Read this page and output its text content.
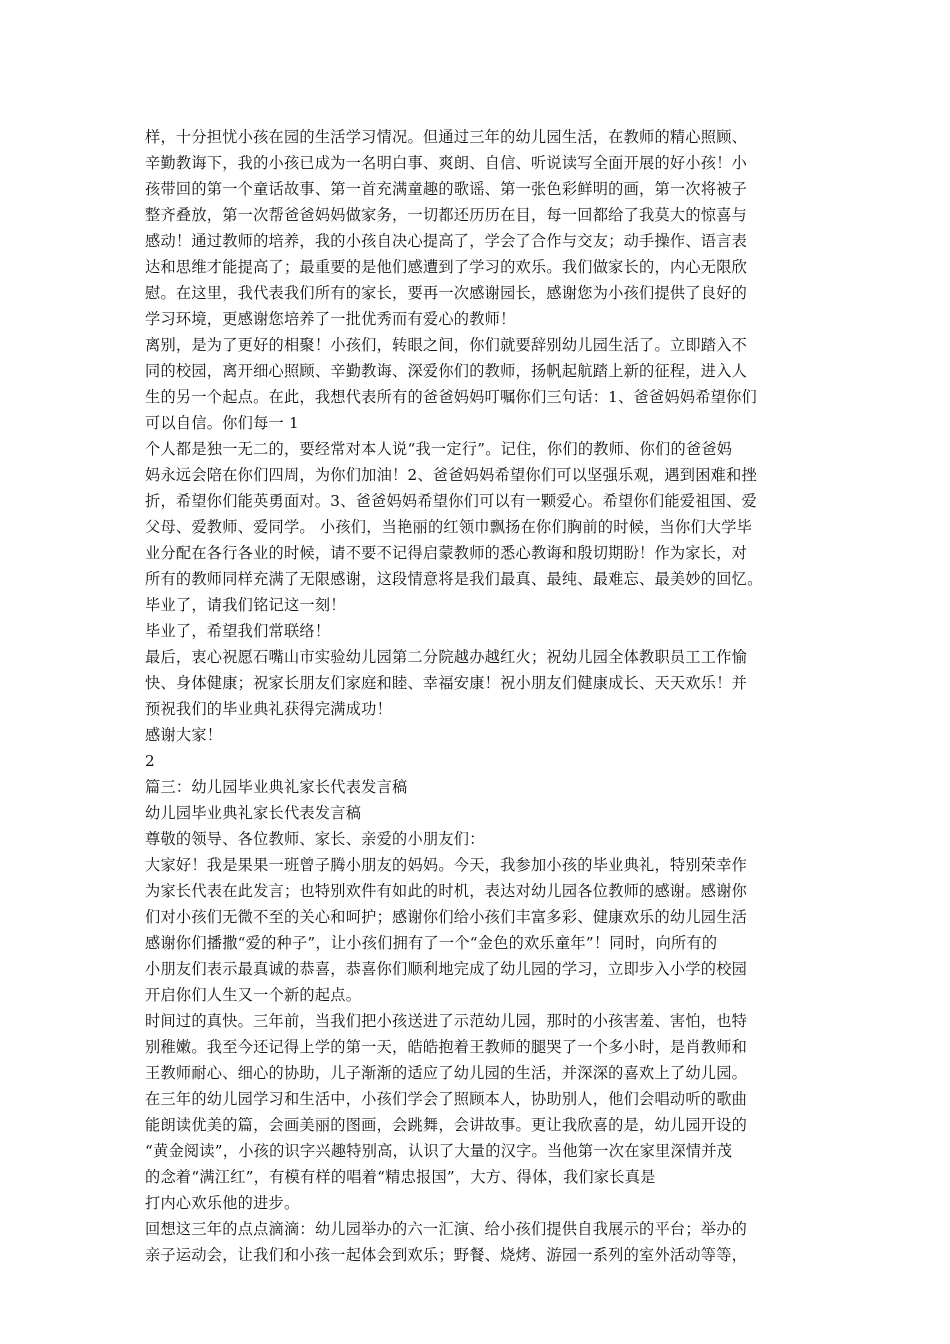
样，十分担忧小孩在园的生活学习情况。但通过三年的幼儿园生活，在教师的精心照顾、
辛勤教诲下，我的小孩已成为一名明白事、爽朗、自信、听说读写全面开展的好小孩！小
孩带回的第一个童话故事、第一首充满童趣的歌谣、第一张色彩鲜明的画，第一次将被子
整齐叠放，第一次帮爸爸妈妈做家务，一切都还历历在目，每一回都给了我莫大的惊喜与
感动！通过教师的培养，我的小孩自决心提高了，学会了合作与交友；动手操作、语言表
达和思维才能提高了；最重要的是他们感遭到了学习的欢乐。我们做家长的，内心无限欣
慰。在这里，我代表我们所有的家长，要再一次感谢园长，感谢您为小孩们提供了良好的
学习环境，更感谢您培养了一批优秀而有爱心的教师！
离别，是为了更好的相聚！小孩们，转眼之间，你们就要辞别幼儿园生活了。立即踏入不
同的校园，离开细心照顾、辛勤教诲、深爱你们的教师，扬帆起航踏上新的征程，进入人
生的另一个起点。在此，我想代表所有的爸爸妈妈叮嘱你们三句话：1、爸爸妈妈希望你们
可以自信。你们每一 1
个人都是独一无二的，要经常对本人说“我一定行”。记住，你们的教师、你们的爸爸妈
妈永远会陪在你们四周，为你们加油！2、爸爸妈妈希望你们可以坚强乐观，遇到困难和挫
折，希望你们能英勇面对。3、爸爸妈妈希望你们可以有一颗爱心。希望你们能爱祖国、爱
父母、爱教师、爱同学。 小孩们，当艳丽的红领巾飘扬在你们胸前的时候，当你们大学毕
业分配在各行各业的时候，请不要不记得启蒙教师的悉心教诲和殷切期盼！作为家长，对
所有的教师同样充满了无限感谢，这段情意将是我们最真、最纯、最难忘、最美妙的回忆。
毕业了，请我们铭记这一刻！
毕业了，希望我们常联络！
最后，衷心祝愿石嘴山市实验幼儿园第二分院越办越红火；祝幼儿园全体教职员工工作愉
快、身体健康；祝家长朋友们家庭和睦、幸福安康！祝小朋友们健康成长、天天欢乐！并
预祝我们的毕业典礼获得完满成功！
感谢大家！
2
篇三：幼儿园毕业典礼家长代表发言稿
幼儿园毕业典礼家长代表发言稿
尊敬的领导、各位教师、家长、亲爱的小朋友们：
大家好！我是果果一班曾子腾小朋友的妈妈。今天，我参加小孩的毕业典礼，特别荣幸作
为家长代表在此发言；也特别欢件有如此的时机，表达对幼儿园各位教师的感谢。感谢你
们对小孩们无微不至的关心和呵护；感谢你们给小孩们丰富多彩、健康欢乐的幼儿园生活
感谢你们播撒“爱的种子”，让小孩们拥有了一个“金色的欢乐童年”！同时，向所有的
小朋友们表示最真诚的恭喜，恭喜你们顺利地完成了幼儿园的学习，立即步入小学的校园
开启你们人生又一个新的起点。
时间过的真快。三年前，当我们把小孩送进了示范幼儿园，那时的小孩害羞、害怕，也特
别稚嫩。我至今还记得上学的第一天，皓皓抱着王教师的腿哭了一个多小时，是肖教师和
王教师耐心、细心的协助，儿子渐渐的适应了幼儿园的生活，并深深的喜欢上了幼儿园。
在三年的幼儿园学习和生活中，小孩们学会了照顾本人，协助别人，他们会唱动听的歌曲
能朗读优美的篇，会画美丽的图画，会跳舞，会讲故事。更让我欣喜的是，幼儿园开设的
“黄金阅读”，小孩的识字兴趣特别高，认识了大量的汉字。当他第一次在家里深情并茂
的念着“满江红”，有模有样的唱着“精忠报国”，大方、得体，我们家长真是
打内心欢乐他的进步。
回想这三年的点点滴滴：幼儿园举办的六一汇演、给小孩们提供自我展示的平台；举办的
亲子运动会，让我们和小孩一起体会到欢乐；野餐、烧烤、游园一系列的室外活动等等，
